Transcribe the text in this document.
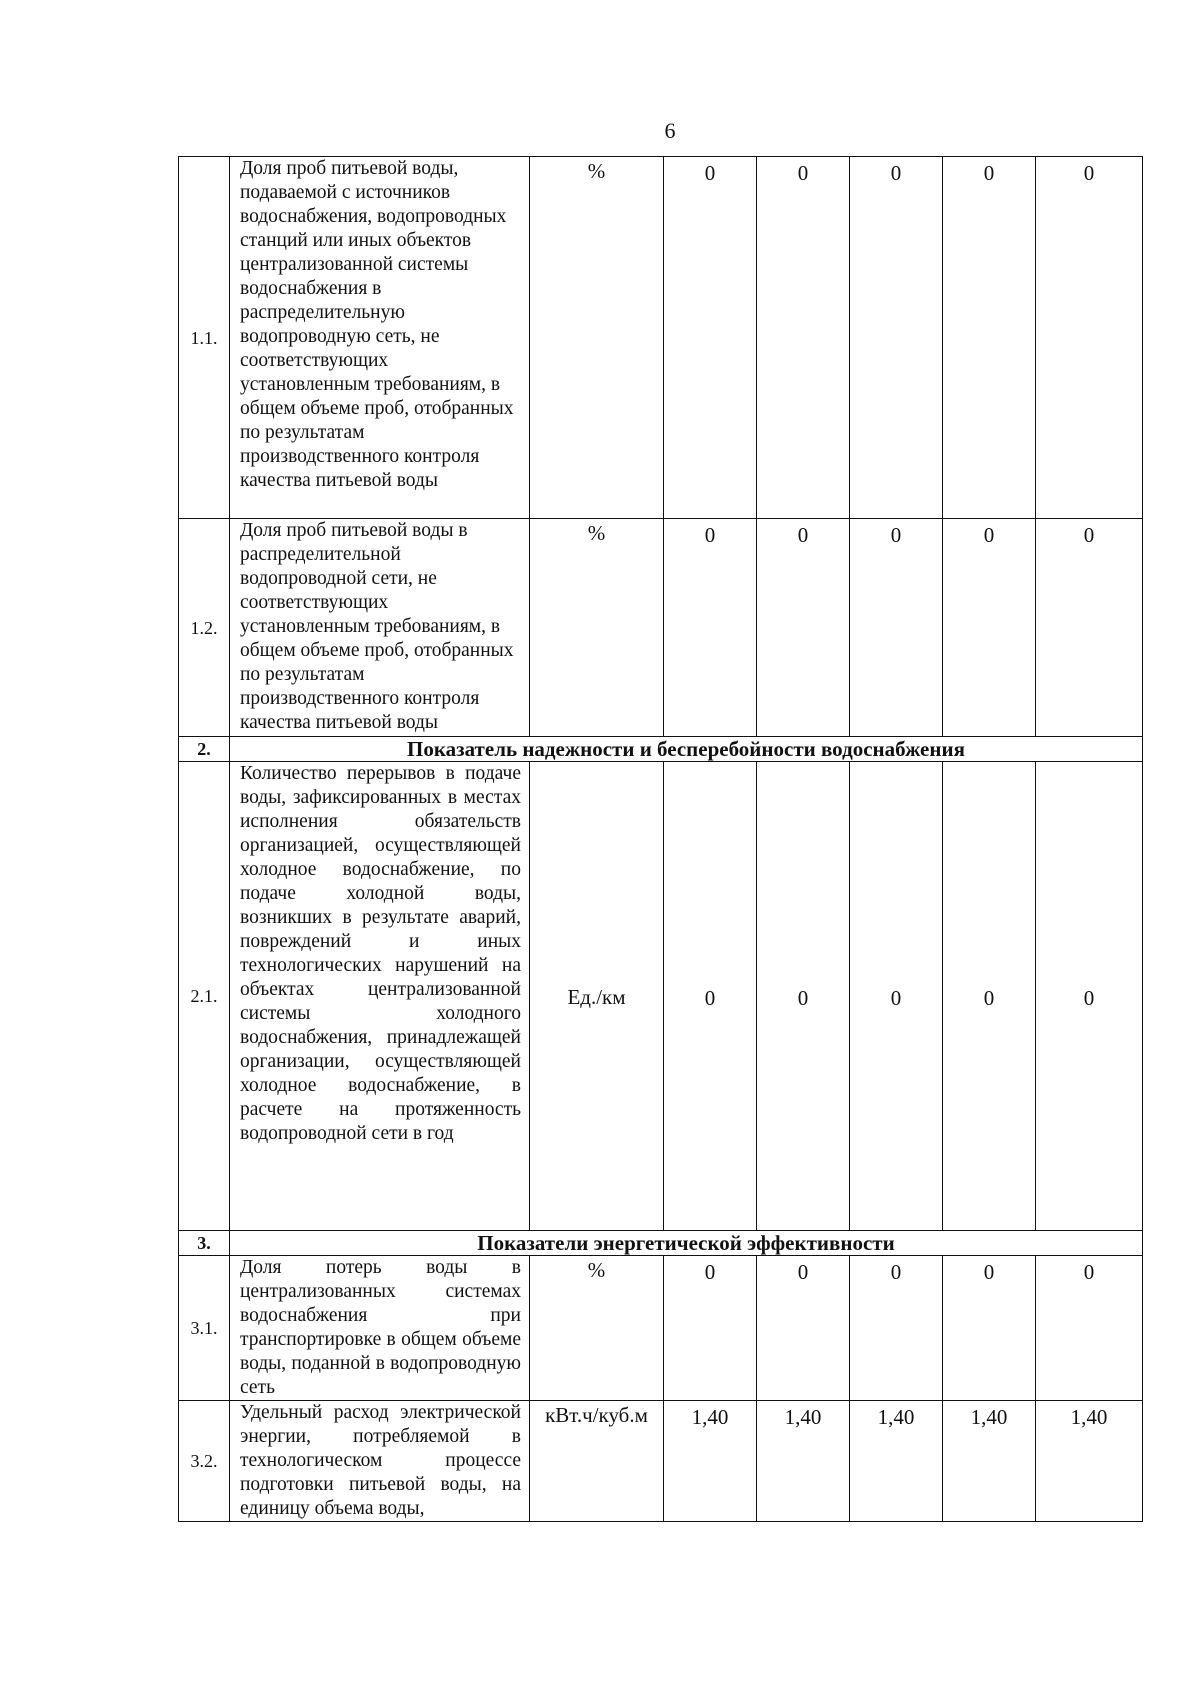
6
1.1.	Доля проб питьевой воды, подаваемой с источников водоснабжения, водопроводных станций или иных объектов централизованной системы водоснабжения в распределительную водопроводную сеть, не соответствующих установленным требованиям, в общем объеме проб, отобранных по результатам производственного контроля качества питьевой воды	%	0	0	0	0	0
1.2.	Доля проб питьевой воды в распределительной водопроводной сети, не соответствующих установленным требованиям, в общем объеме проб, отобранных по результатам производственного контроля качества питьевой воды	%	0	0	0	0	0
2.	Показатель надежности и бесперебойности водоснабжения						
2.1.	Количество перерывов в подаче воды, зафиксированных в местах исполнения обязательств организацией, осуществляющей холодное водоснабжение, по подаче холодной воды, возникших в результате аварий, повреждений и иных технологических нарушений на объектах централизованной системы холодного водоснабжения, принадлежащей организации, осуществляющей холодное водоснабжение, в расчете на протяженность водопроводной сети в год	Ед./км	0	0	0	0	0
3.	Показатели энергетической эффективности						
3.1.	Доля потерь воды в централизованных системах водоснабжения при транспортировке в общем объеме воды, поданной в водопроводную сеть	%	0	0	0	0	0
3.2.	Удельный расход электрической энергии, потребляемой в технологическом процессе подготовки питьевой воды, на единицу объема воды,	кВт.ч/куб.м	1,40	1,40	1,40	1,40	1,40
